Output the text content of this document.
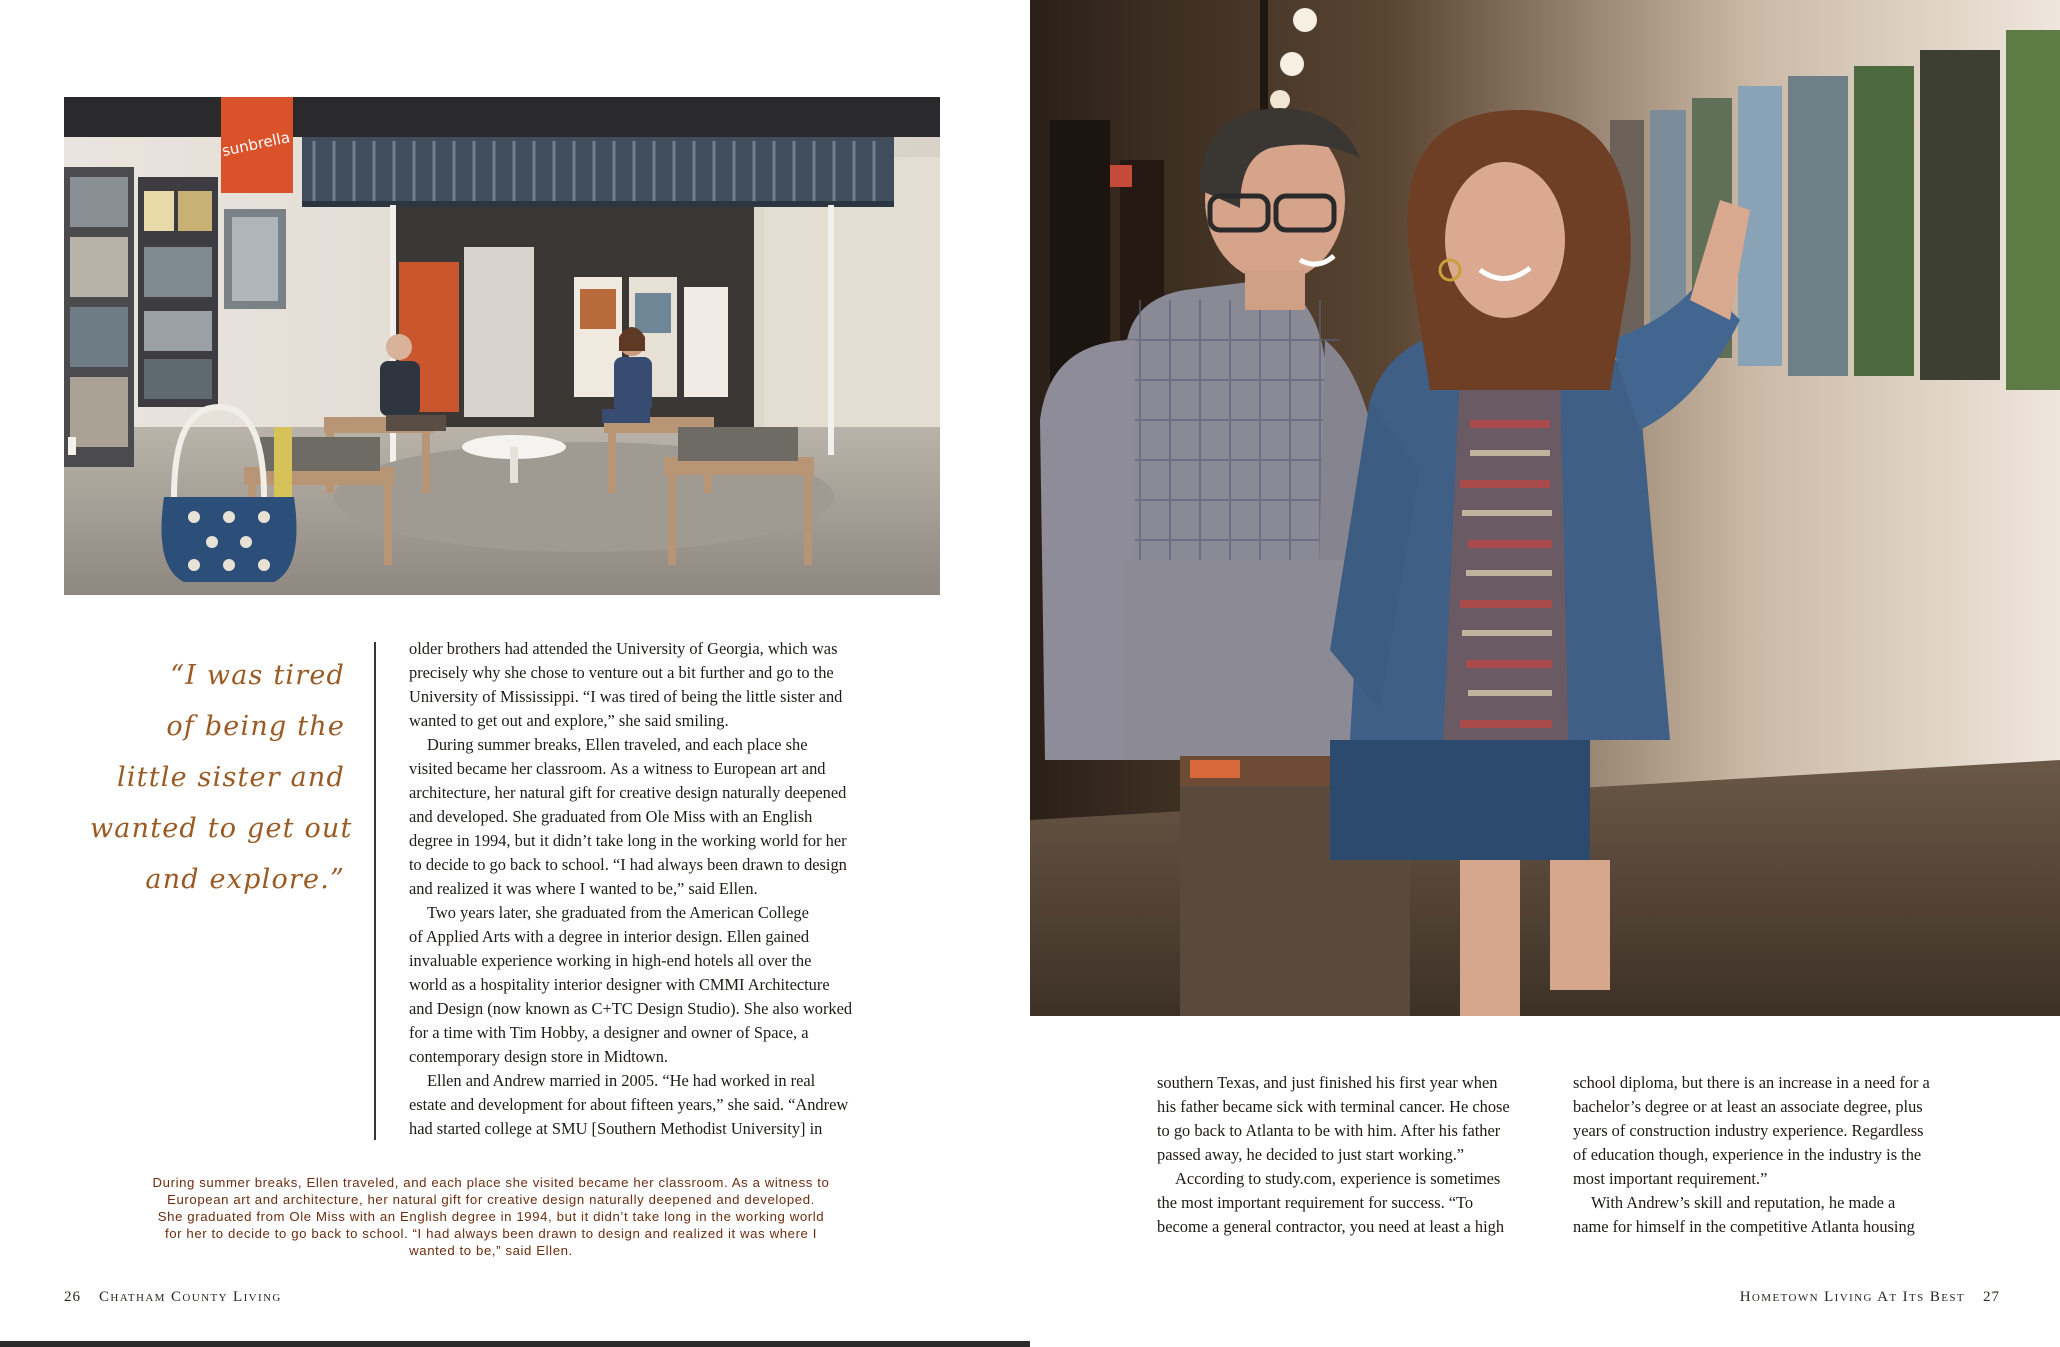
sunbrella
“I was tired
of being the
little sister and
wanted to get out
and explore.”

older brothers had attended the University of Georgia, which was

precisely why she chose to venture out a bit further and go to the

University of Mississippi. “I was tired of being the little sister and

wanted to get out and explore,” she said smiling.

During summer breaks, Ellen traveled, and each place she

visited became her classroom. As a witness to European art and

architecture, her natural gift for creative design naturally deepened

and developed. She graduated from Ole Miss with an English

degree in 1994, but it didn’t take long in the working world for her

to decide to go back to school. “I had always been drawn to design

and realized it was where I wanted to be,” said Ellen.

Two years later, she graduated from the American College

of Applied Arts with a degree in interior design. Ellen gained

invaluable experience working in high-end hotels all over the

world as a hospitality interior designer with CMMI Architecture

and Design (now known as C+TC Design Studio). She also worked

for a time with Tim Hobby, a designer and owner of Space, a

contemporary design store in Midtown.

Ellen and Andrew married in 2005. “He had worked in real

estate and development for about fifteen years,” she said. “Andrew

had started college at SMU [Southern Methodist University] in

During summer breaks, Ellen traveled, and each place she visited became her classroom. As a witness to
European art and architecture, her natural gift for creative design naturally deepened and developed.
She graduated from Ole Miss with an English degree in 1994, but it didn’t take long in the working world
for her to decide to go back to school. “I had always been drawn to design and realized it was where I
wanted to be,” said Ellen.
26 Chatham County Living

southern Texas, and just finished his first year when

his father became sick with terminal cancer. He chose

to go back to Atlanta to be with him. After his father

passed away, he decided to just start working.”

According to study.com, experience is sometimes

the most important requirement for success. “To

become a general contractor, you need at least a high

school diploma, but there is an increase in a need for a

bachelor’s degree or at least an associate degree, plus

years of construction industry experience. Regardless

of education though, experience in the industry is the

most important requirement.”

With Andrew’s skill and reputation, he made a

name for himself in the competitive Atlanta housing

Hometown Living At Its Best 27
